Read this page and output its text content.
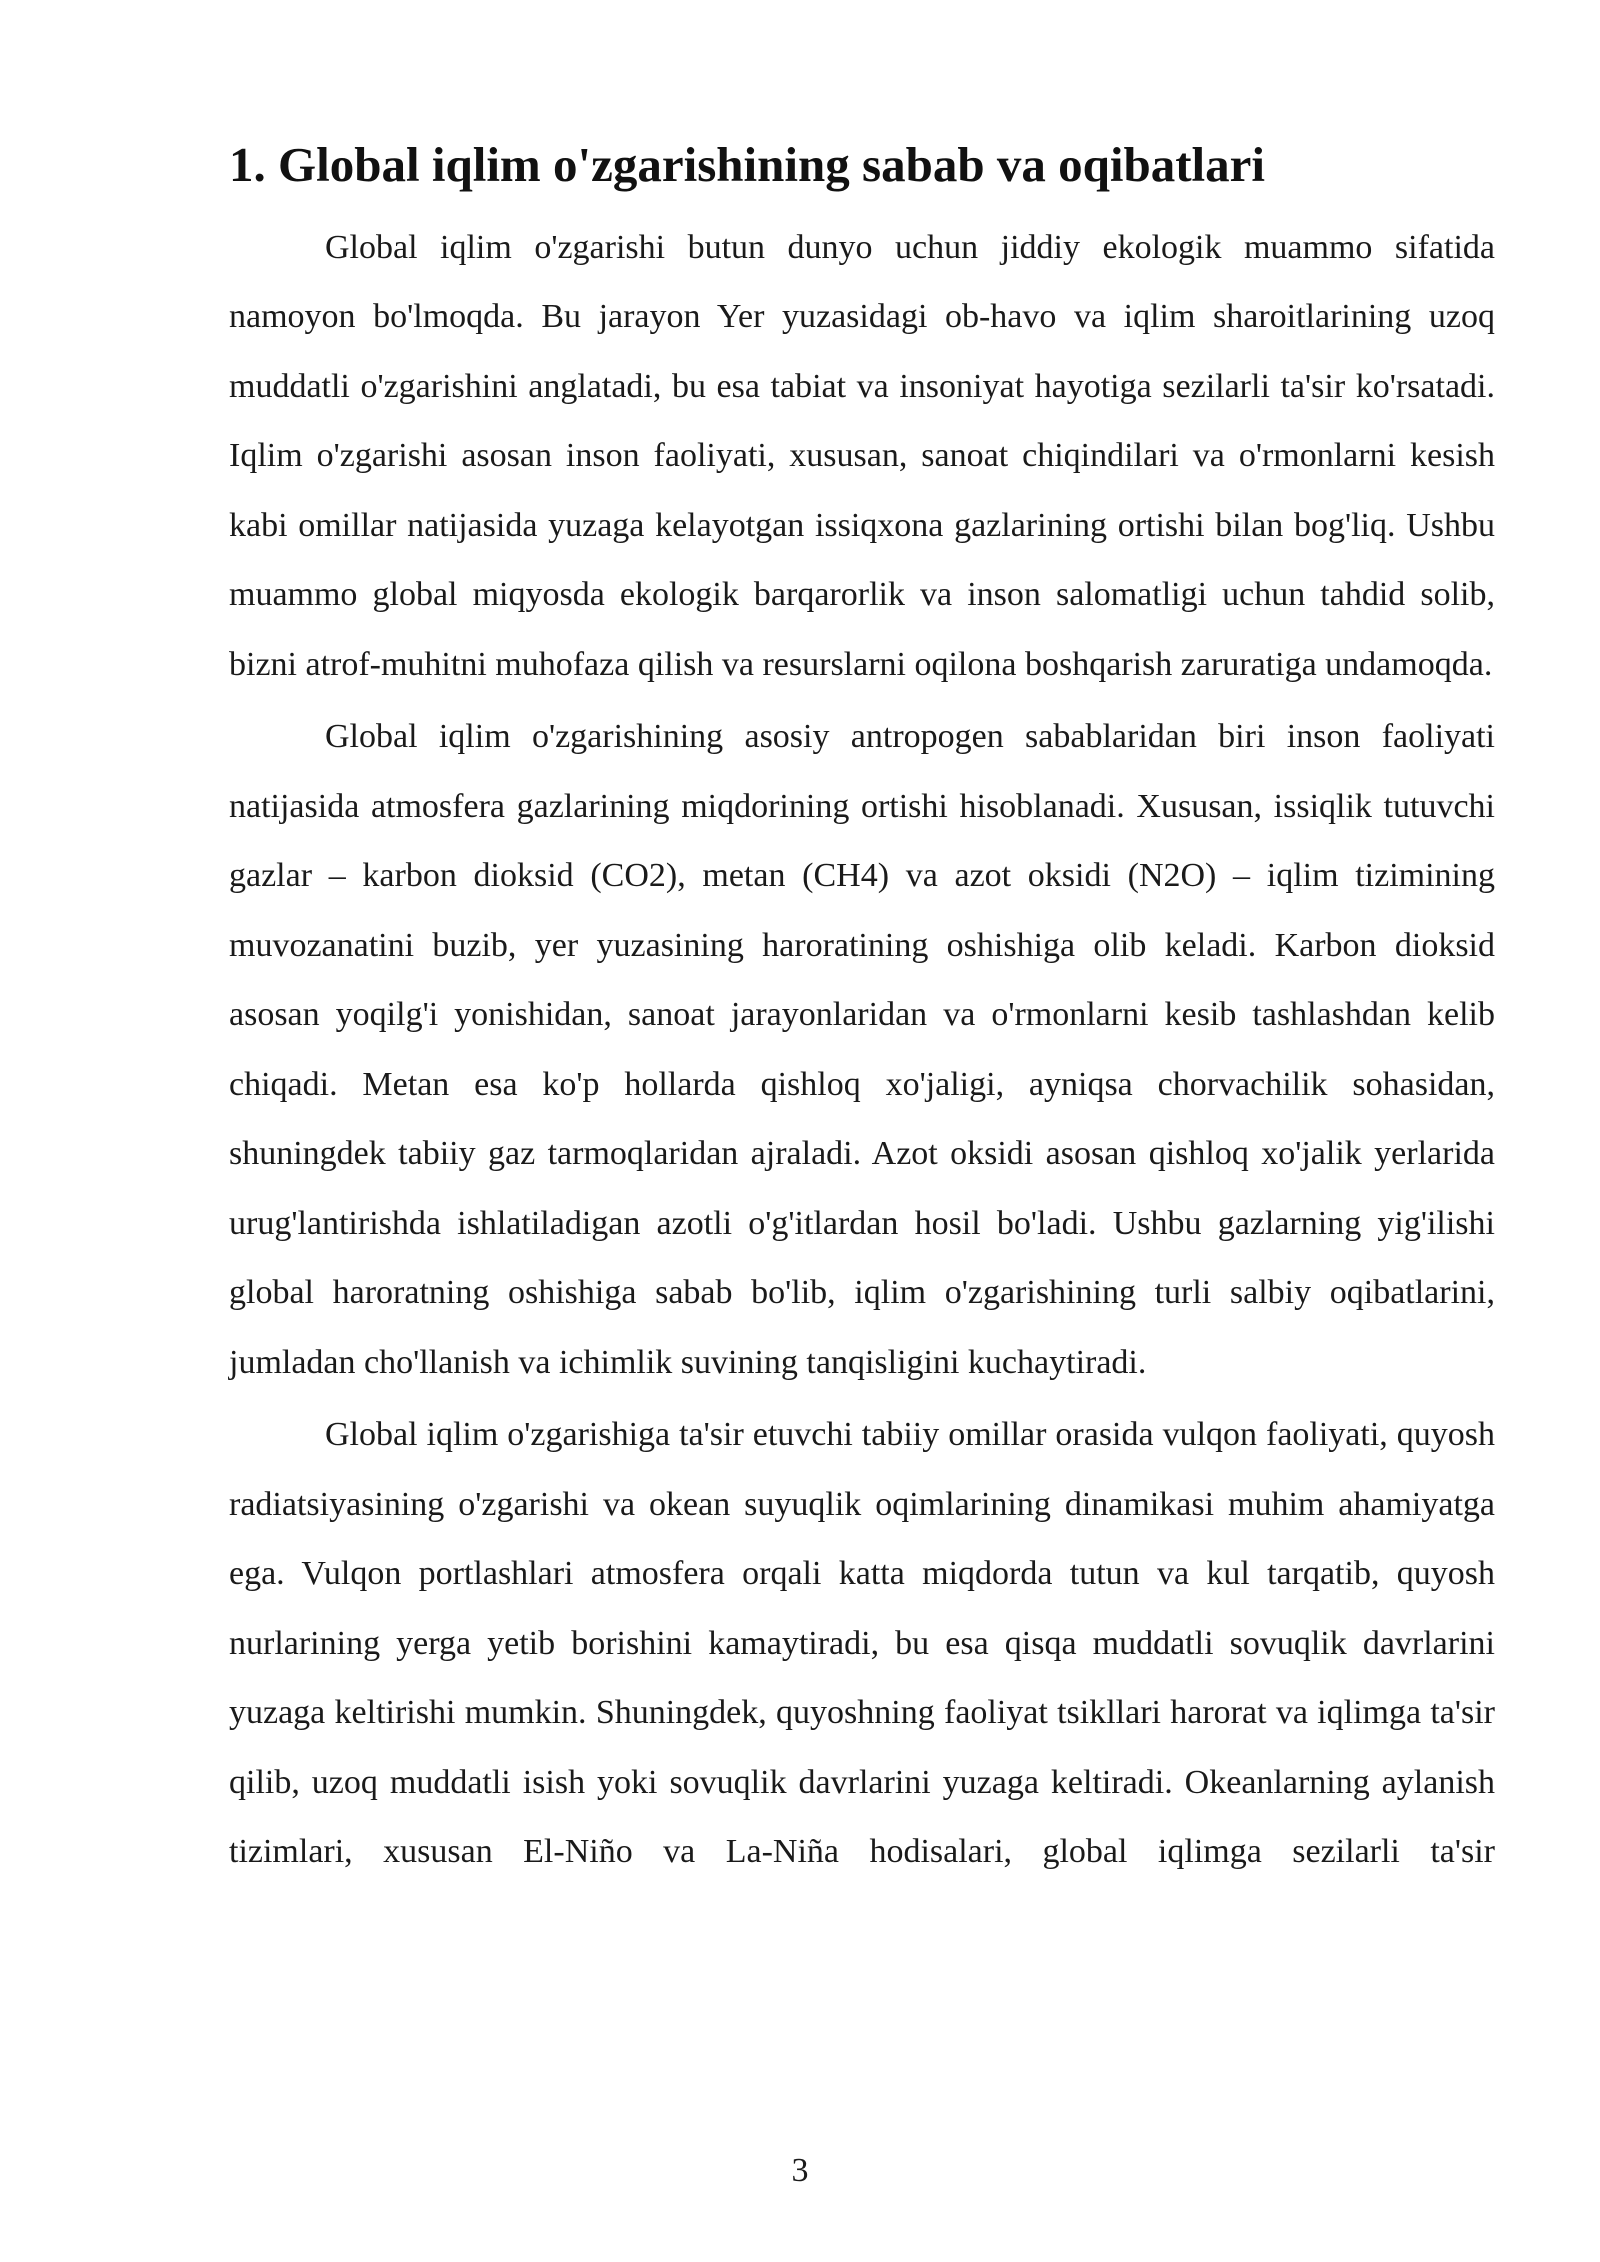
1. Global iqlim o'zgarishining sabab va oqibatlari

Global iqlim o'zgarishi butun dunyo uchun jiddiy ekologik muammo sifatida namoyon bo'lmoqda. Bu jarayon Yer yuzasidagi ob-havo va iqlim sharoitlarining uzoq muddatli o'zgarishini anglatadi, bu esa tabiat va insoniyat hayotiga sezilarli ta'sir ko'rsatadi. Iqlim o'zgarishi asosan inson faoliyati, xususan, sanoat chiqindilari va o'rmonlarni kesish kabi omillar natijasida yuzaga kelayotgan issiqxona gazlarining ortishi bilan bog'liq. Ushbu muammo global miqyosda ekologik barqarorlik va inson salomatligi uchun tahdid solib, bizni atrof-muhitni muhofaza qilish va resurslarni oqilona boshqarish zaruratiga undamoqda.

Global iqlim o'zgarishining asosiy antropogen sabablaridan biri inson faoliyati natijasida atmosfera gazlarining miqdorining ortishi hisoblanadi. Xususan, issiqlik tutuvchi gazlar – karbon dioksid (CO2), metan (CH4) va azot oksidi (N2O) – iqlim tizimining muvozanatini buzib, yer yuzasining haroratining oshishiga olib keladi. Karbon dioksid asosan yoqilg'i yonishidan, sanoat jarayonlaridan va o'rmonlarni kesib tashlashdan kelib chiqadi. Metan esa ko'p hollarda qishloq xo'jaligi, ayniqsa chorvachilik sohasidan, shuningdek tabiiy gaz tarmoqlaridan ajraladi. Azot oksidi asosan qishloq xo'jalik yerlarida urug'lantirishda ishlatiladigan azotli o'g'itlardan hosil bo'ladi. Ushbu gazlarning yig'ilishi global haroratning oshishiga sabab bo'lib, iqlim o'zgarishining turli salbiy oqibatlarini, jumladan cho'llanish va ichimlik suvining tanqisligini kuchaytiradi.

Global iqlim o'zgarishiga ta'sir etuvchi tabiiy omillar orasida vulqon faoliyati, quyosh radiatsiyasining o'zgarishi va okean suyuqlik oqimlarining dinamikasi muhim ahamiyatga ega. Vulqon portlashlari atmosfera orqali katta miqdorda tutun va kul tarqatib, quyosh nurlarining yerga yetib borishini kamaytiradi, bu esa qisqa muddatli sovuqlik davrlarini yuzaga keltirishi mumkin. Shuningdek, quyoshning faoliyat tsikllari harorat va iqlimga ta'sir qilib, uzoq muddatli isish yoki sovuqlik davrlarini yuzaga keltiradi. Okeanlarning aylanish tizimlari, xususan El-Niño va La-Niña hodisalari, global iqlimga sezilarli ta'sir

3
